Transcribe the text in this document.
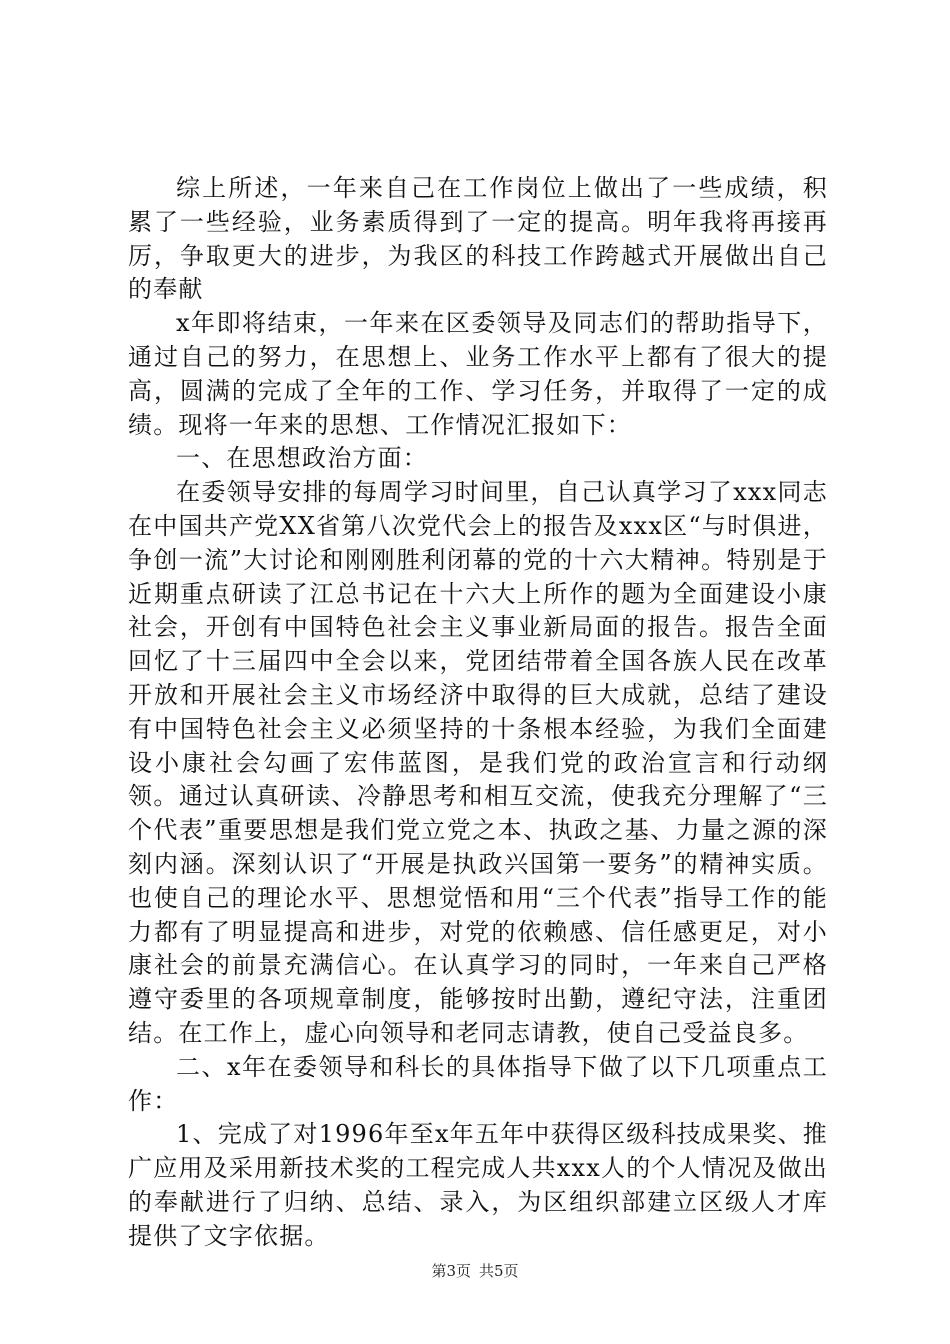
综上所述，一年来自己在工作岗位上做出了一些成绩，积累了一些经验，业务素质得到了一定的提高。明年我将再接再厉，争取更大的进步，为我区的科技工作跨越式开展做出自己的奉献

x年即将结束，一年来在区委领导及同志们的帮助指导下，通过自己的努力，在思想上、业务工作水平上都有了很大的提高，圆满的完成了全年的工作、学习任务，并取得了一定的成绩。现将一年来的思想、工作情况汇报如下：

一、在思想政治方面：

在委领导安排的每周学习时间里，自己认真学习了xxx同志在中国共产党XX省第八次党代会上的报告及xxx区“与时俱进，争创一流”大讨论和刚刚胜利闭幕的党的十六大精神。特别是于近期重点研读了江总书记在十六大上所作的题为全面建设小康社会，开创有中国特色社会主义事业新局面的报告。报告全面回忆了十三届四中全会以来，党团结带着全国各族人民在改革开放和开展社会主义市场经济中取得的巨大成就，总结了建设有中国特色社会主义必须坚持的十条根本经验，为我们全面建设小康社会勾画了宏伟蓝图，是我们党的政治宣言和行动纲领。通过认真研读、冷静思考和相互交流，使我充分理解了“三个代表”重要思想是我们党立党之本、执政之基、力量之源的深刻内涵。深刻认识了“开展是执政兴国第一要务”的精神实质。也使自己的理论水平、思想觉悟和用“三个代表”指导工作的能力都有了明显提高和进步，对党的依赖感、信任感更足，对小康社会的前景充满信心。在认真学习的同时，一年来自己严格遵守委里的各项规章制度，能够按时出勤，遵纪守法，注重团结。在工作上，虚心向领导和老同志请教，使自己受益良多。

二、x年在委领导和科长的具体指导下做了以下几项重点工作：

1、完成了对1996年至x年五年中获得区级科技成果奖、推广应用及采用新技术奖的工程完成人共xxx人的个人情况及做出的奉献进行了归纳、总结、录入，为区组织部建立区级人才库提供了文字依据。

第3页 共5页
